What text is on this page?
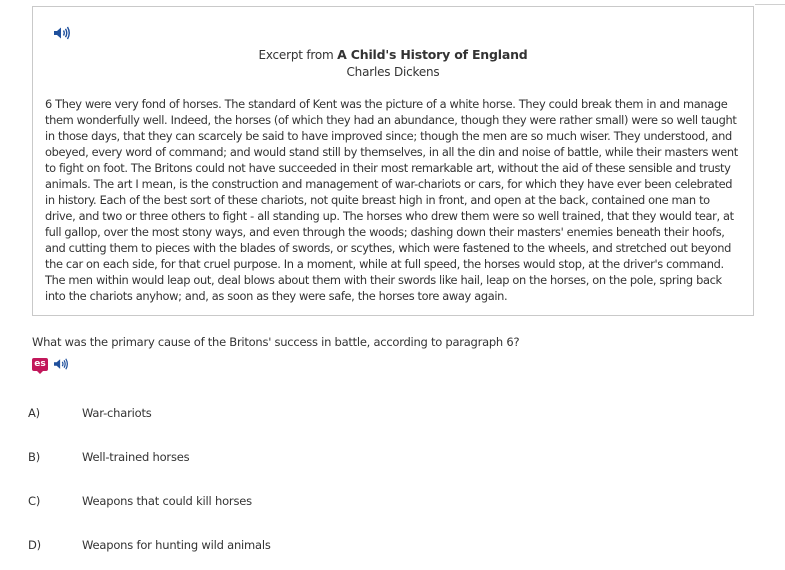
Excerpt from A Child's History of England
Charles Dickens
6 They were very fond of horses. The standard of Kent was the picture of a white horse. They could break them in and manage them wonderfully well. Indeed, the horses (of which they had an abundance, though they were rather small) were so well taught in those days, that they can scarcely be said to have improved since; though the men are so much wiser. They understood, and obeyed, every word of command; and would stand still by themselves, in all the din and noise of battle, while their masters went to fight on foot. The Britons could not have succeeded in their most remarkable art, without the aid of these sensible and trusty animals. The art I mean, is the construction and management of war-chariots or cars, for which they have ever been celebrated in history. Each of the best sort of these chariots, not quite breast high in front, and open at the back, contained one man to drive, and two or three others to fight - all standing up. The horses who drew them were so well trained, that they would tear, at full gallop, over the most stony ways, and even through the woods; dashing down their masters' enemies beneath their hoofs, and cutting them to pieces with the blades of swords, or scythes, which were fastened to the wheels, and stretched out beyond the car on each side, for that cruel purpose. In a moment, while at full speed, the horses would stop, at the driver's command. The men within would leap out, deal blows about them with their swords like hail, leap on the horses, on the pole, spring back into the chariots anyhow; and, as soon as they were safe, the horses tore away again.
What was the primary cause of the Britons' success in battle, according to paragraph 6?
es
A)	War-chariots
B)	Well-trained horses
C)	Weapons that could kill horses
D)	Weapons for hunting wild animals
